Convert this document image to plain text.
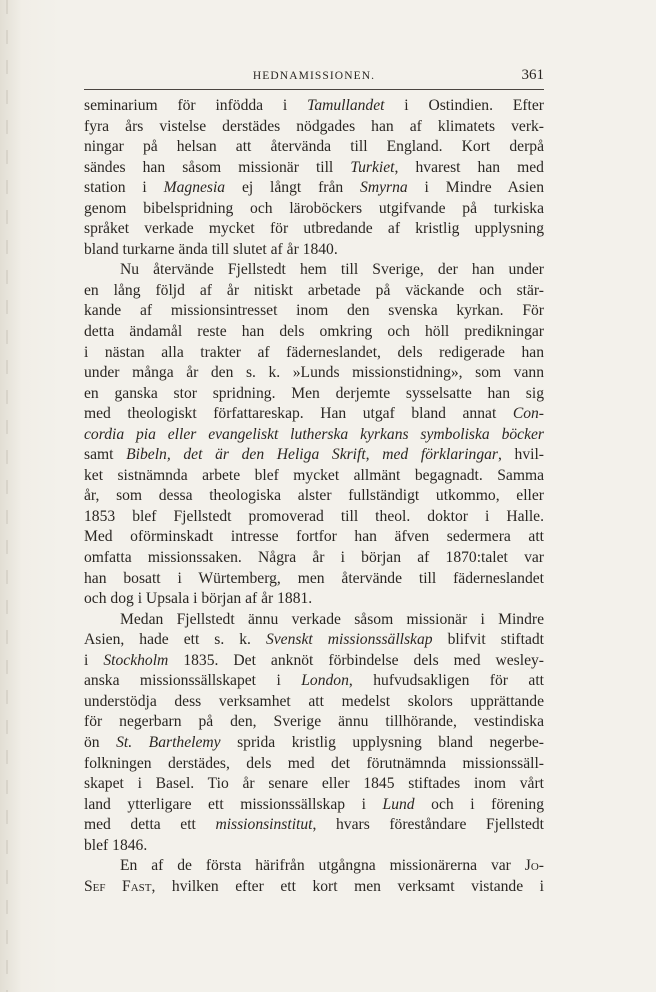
HEDNAMISSIONEN.	361
seminarium för infödda i Tamullandet i Ostindien. Efter
fyra års vistelse derstädes nödgades han af klimatets verk-
ningar på helsan att återvända till England. Kort derpå
sändes han såsom missionär till Turkiet, hvarest han med
station i Magnesia ej långt från Smyrna i Mindre Asien
genom bibelspridning och läroböckers utgifvande på turkiska
språket verkade mycket för utbredande af kristlig upplysning
bland turkarne ända till slutet af år 1840.
Nu återvände Fjellstedt hem till Sverige, der han under
en lång följd af år nitiskt arbetade på väckande och stär-
kande af missionsintresset inom den svenska kyrkan. För
detta ändamål reste han dels omkring och höll predikningar
i nästan alla trakter af fäderneslandet, dels redigerade han
under många år den s. k. »Lunds missionstidning», som vann
en ganska stor spridning. Men derjemte sysselsatte han sig
med theologiskt författareskap. Han utgaf bland annat Con-
cordia pia eller evangeliskt lutherska kyrkans symboliska böcker
samt Bibeln, det är den Heliga Skrift, med förklaringar, hvil-
ket sistnämnda arbete blef mycket allmänt begagnadt. Samma
år, som dessa theologiska alster fullständigt utkommo, eller
1853 blef Fjellstedt promoverad till theol. doktor i Halle.
Med oförminskadt intresse fortfor han äfven sedermera att
omfatta missionssaken. Några år i början af 1870:talet var
han bosatt i Würtemberg, men återvände till fäderneslandet
och dog i Upsala i början af år 1881.
Medan Fjellstedt ännu verkade såsom missionär i Mindre
Asien, hade ett s. k. Svenskt missionssällskap blifvit stiftadt
i Stockholm 1835. Det anknöt förbindelse dels med wesley-
anska missionssällskapet i London, hufvudsakligen för att
understödja dess verksamhet att medelst skolors upprättande
för negerbarn på den, Sverige ännu tillhörande, vestindiska
ön St. Barthelemy sprida kristlig upplysning bland negerbe-
folkningen derstädes, dels med det förutnämnda missionssäll-
skapet i Basel. Tio år senare eller 1845 stiftades inom vårt
land ytterligare ett missionssällskap i Lund och i förening
med detta ett missionsinstitut, hvars föreståndare Fjellstedt
blef 1846.
En af de första härifrån utgångna missionärerna var Jo-
Sef Fast, hvilken efter ett kort men verksamt vistande i
